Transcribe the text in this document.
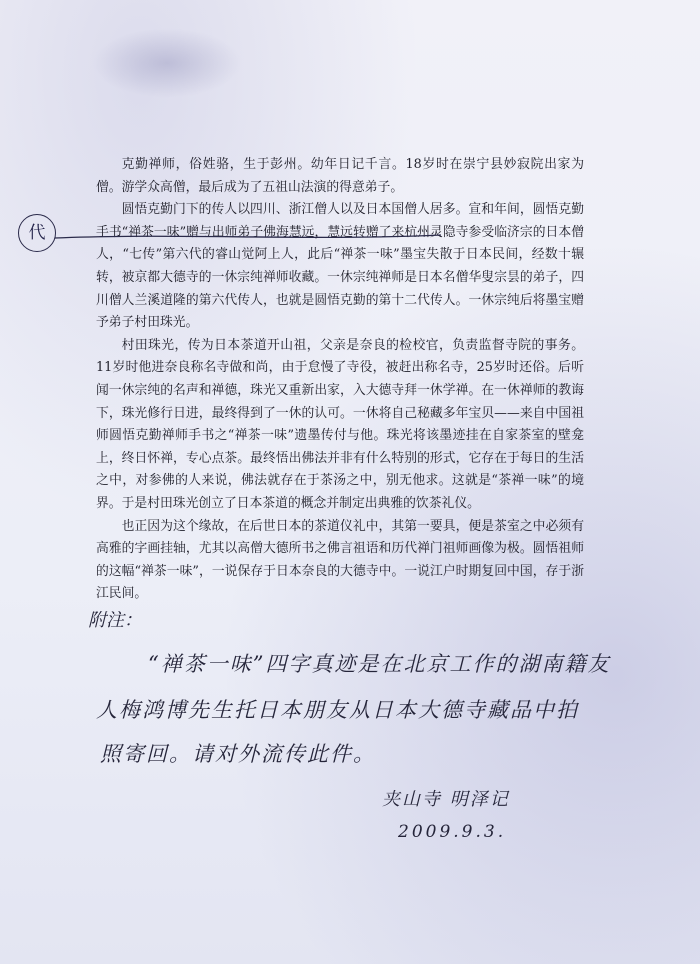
克勤禅师，俗姓骆，生于彭州。幼年日记千言。18岁时在崇宁县妙寂院出家为僧。游学众高僧，最后成为了五祖山法演的得意弟子。

圆悟克勤门下的传人以四川、浙江僧人以及日本国僧人居多。宣和年间，圆悟克勤手书“禅茶一味”赠与出师弟子佛海慧远，慧远转赠了来杭州灵隐寺参受临济宗的日本僧人，“七传”第六代的睿山觉阿上人，此后“禅茶一味”墨宝失散于日本民间，经数十辗转，被京都大德寺的一休宗纯禅师收藏。一休宗纯禅师是日本名僧华叟宗昙的弟子，四川僧人兰溪道隆的第六代传人，也就是圆悟克勤的第十二代传人。一休宗纯后将墨宝赠予弟子村田珠光。

村田珠光，传为日本茶道开山祖，父亲是奈良的检校官，负责监督寺院的事务。11岁时他进奈良称名寺做和尚，由于怠慢了寺役，被赶出称名寺，25岁时还俗。后听闻一休宗纯的名声和禅德，珠光又重新出家，入大德寺拜一休学禅。在一休禅师的教诲下，珠光修行日进，最终得到了一休的认可。一休将自己秘藏多年宝贝——来自中国祖师圆悟克勤禅师手书之“禅茶一味”遗墨传付与他。珠光将该墨迹挂在自家茶室的壁龛上，终日怀禅，专心点茶。最终悟出佛法并非有什么特别的形式，它存在于每日的生活之中，对参佛的人来说，佛法就存在于茶汤之中，别无他求。这就是“茶禅一味”的境界。于是村田珠光创立了日本茶道的概念并制定出典雅的饮茶礼仪。

也正因为这个缘故，在后世日本的茶道仪礼中，其第一要具，便是茶室之中必须有高雅的字画挂轴，尤其以高僧大德所书之佛言祖语和历代禅门祖师画像为极。圆悟祖师的这幅“禅茶一味”，一说保存于日本奈良的大德寺中。一说江户时期复回中国，存于浙江民间。

代
附注：
“禅茶一味”四字真迹是在北京工作的湖南籍友
人梅鸿博先生托日本朋友从日本大德寺藏品中拍
照寄回。请对外流传此件。
夹山寺 明泽记
2009.9.3.
